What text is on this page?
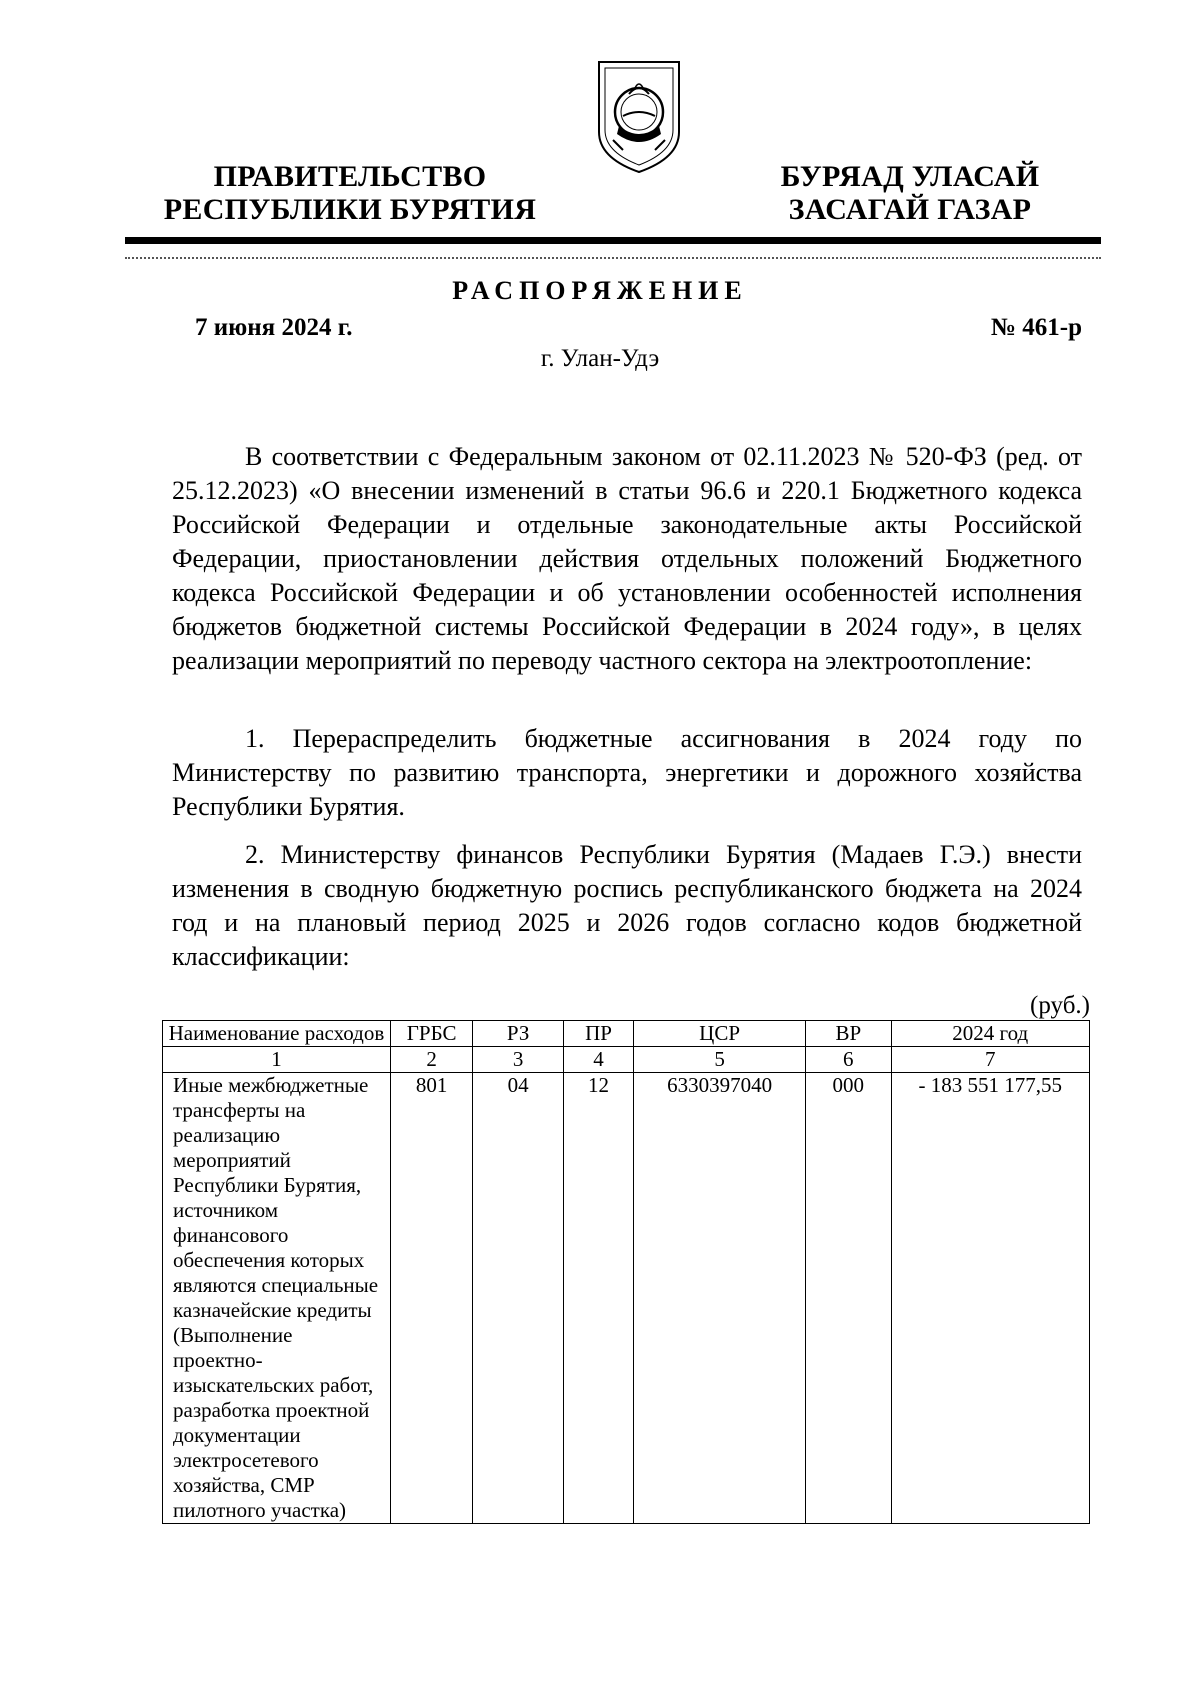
ПРАВИТЕЛЬСТВО
РЕСПУБЛИКИ БУРЯТИЯ
БУРЯАД УЛАСАЙ
ЗАСАГАЙ ГАЗАР
РАСПОРЯЖЕНИЕ
7 июня 2024 г.	№ 461-р
г. Улан-Удэ

В соответствии с Федеральным законом от 02.11.2023 № 520-ФЗ (ред. от 25.12.2023) «О внесении изменений в статьи 96.6 и 220.1 Бюджетного кодекса Российской Федерации и отдельные законодательные акты Российской Федерации, приостановлении действия отдельных положений Бюджетного кодекса Российской Федерации и об установлении особенностей исполнения бюджетов бюджетной системы Российской Федерации в 2024 году», в целях реализации мероприятий по переводу частного сектора на электроотопление:

1. Перераспределить бюджетные ассигнования в 2024 году по Министерству по развитию транспорта, энергетики и дорожного хозяйства Республики Бурятия.

2. Министерству финансов Республики Бурятия (Мадаев Г.Э.) внести изменения в сводную бюджетную роспись республиканского бюджета на 2024 год и на плановый период 2025 и 2026 годов согласно кодов бюджетной классификации:

(руб.)
Наименование расходов	ГРБС	РЗ	ПР	ЦСР	ВР	2024 год
1	2	3	4	5	6	7
Иные межбюджетные трансферты на реализацию мероприятий Республики Бурятия, источником финансового обеспечения которых являются специальные казначейские кредиты (Выполнение проектно-изыскательских работ, разработка проектной документации электросетевого хозяйства, СМР пилотного участка)	801	04	12	6330397040	000	- 183 551 177,55
